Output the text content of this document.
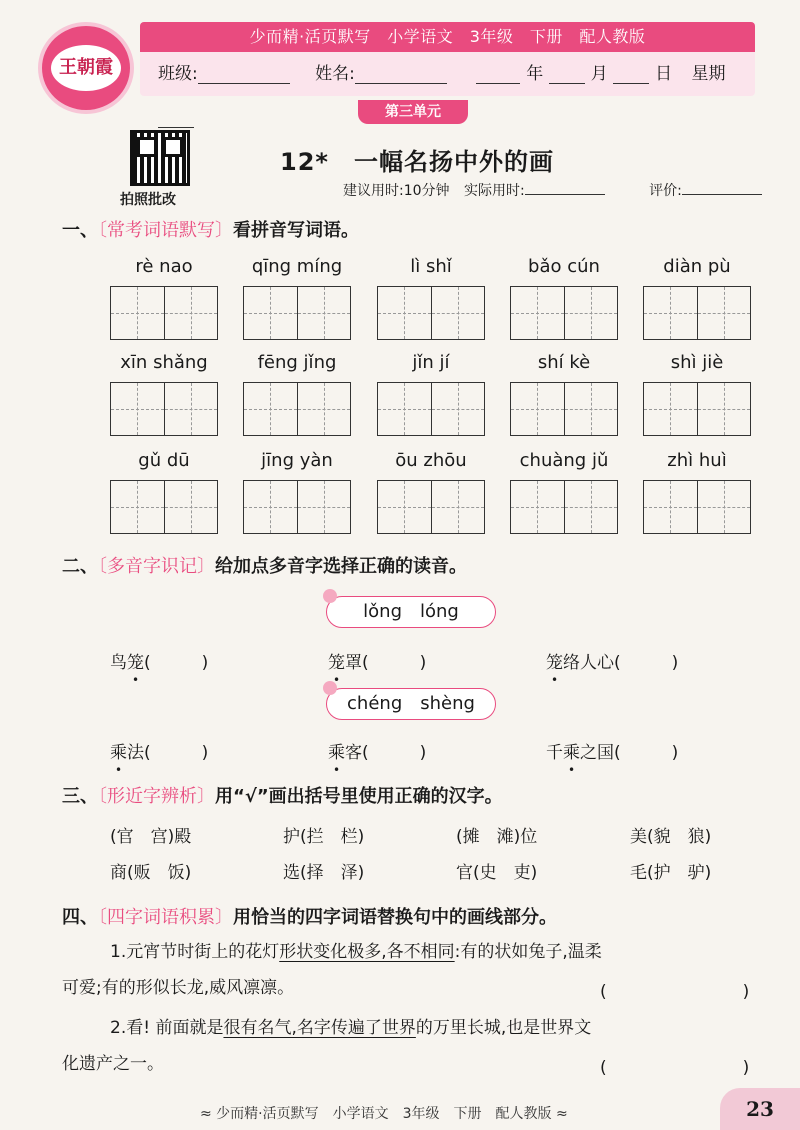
王朝霞
少而精·活页默写　小学语文　3年级　下册　配人教版
班级:	姓名:	年	月	日 星期
第三单元
拍照批改
12*　一幅名扬中外的画
建议用时:10分钟 实际用时:	评价:
一、〔常考词语默写〕看拼音写词语。
rè nao	qīng míng	lì shǐ	bǎo cún	diàn pù
xīn shǎng	fēng jǐng	jǐn jí	shí kè	shì jiè
gǔ dū	jīng yàn	ōu zhōu	chuàng jǔ	zhì huì
二、〔多音字识记〕给加点多音字选择正确的读音。
lǒng　lóng
鸟笼(　　　)	笼罩(　　　)	笼络人心(　　　)
chéng　shèng
乘法(　　　)	乘客(　　　)	千乘之国(　　　)
三、〔形近字辨析〕用“√”画出括号里使用正确的汉字。
(官　宫)殿	护(拦　栏)	(摊　滩)位	美(貌　狼)
商(贩　饭)	选(择　泽)	官(史　吏)	毛(护　驴)
四、〔四字词语积累〕用恰当的四字词语替换句中的画线部分。
1.元宵节时街上的花灯形状变化极多,各不相同:有的状如兔子,温柔
可爱;有的形似长龙,威风凛凛。	(　　　　　　　　)
2.看! 前面就是很有名气,名字传遍了世界的万里长城,也是世界文
化遗产之一。	(　　　　　　　　)
≈ 少而精·活页默写　小学语文　3年级　下册　配人教版 ≈	23
